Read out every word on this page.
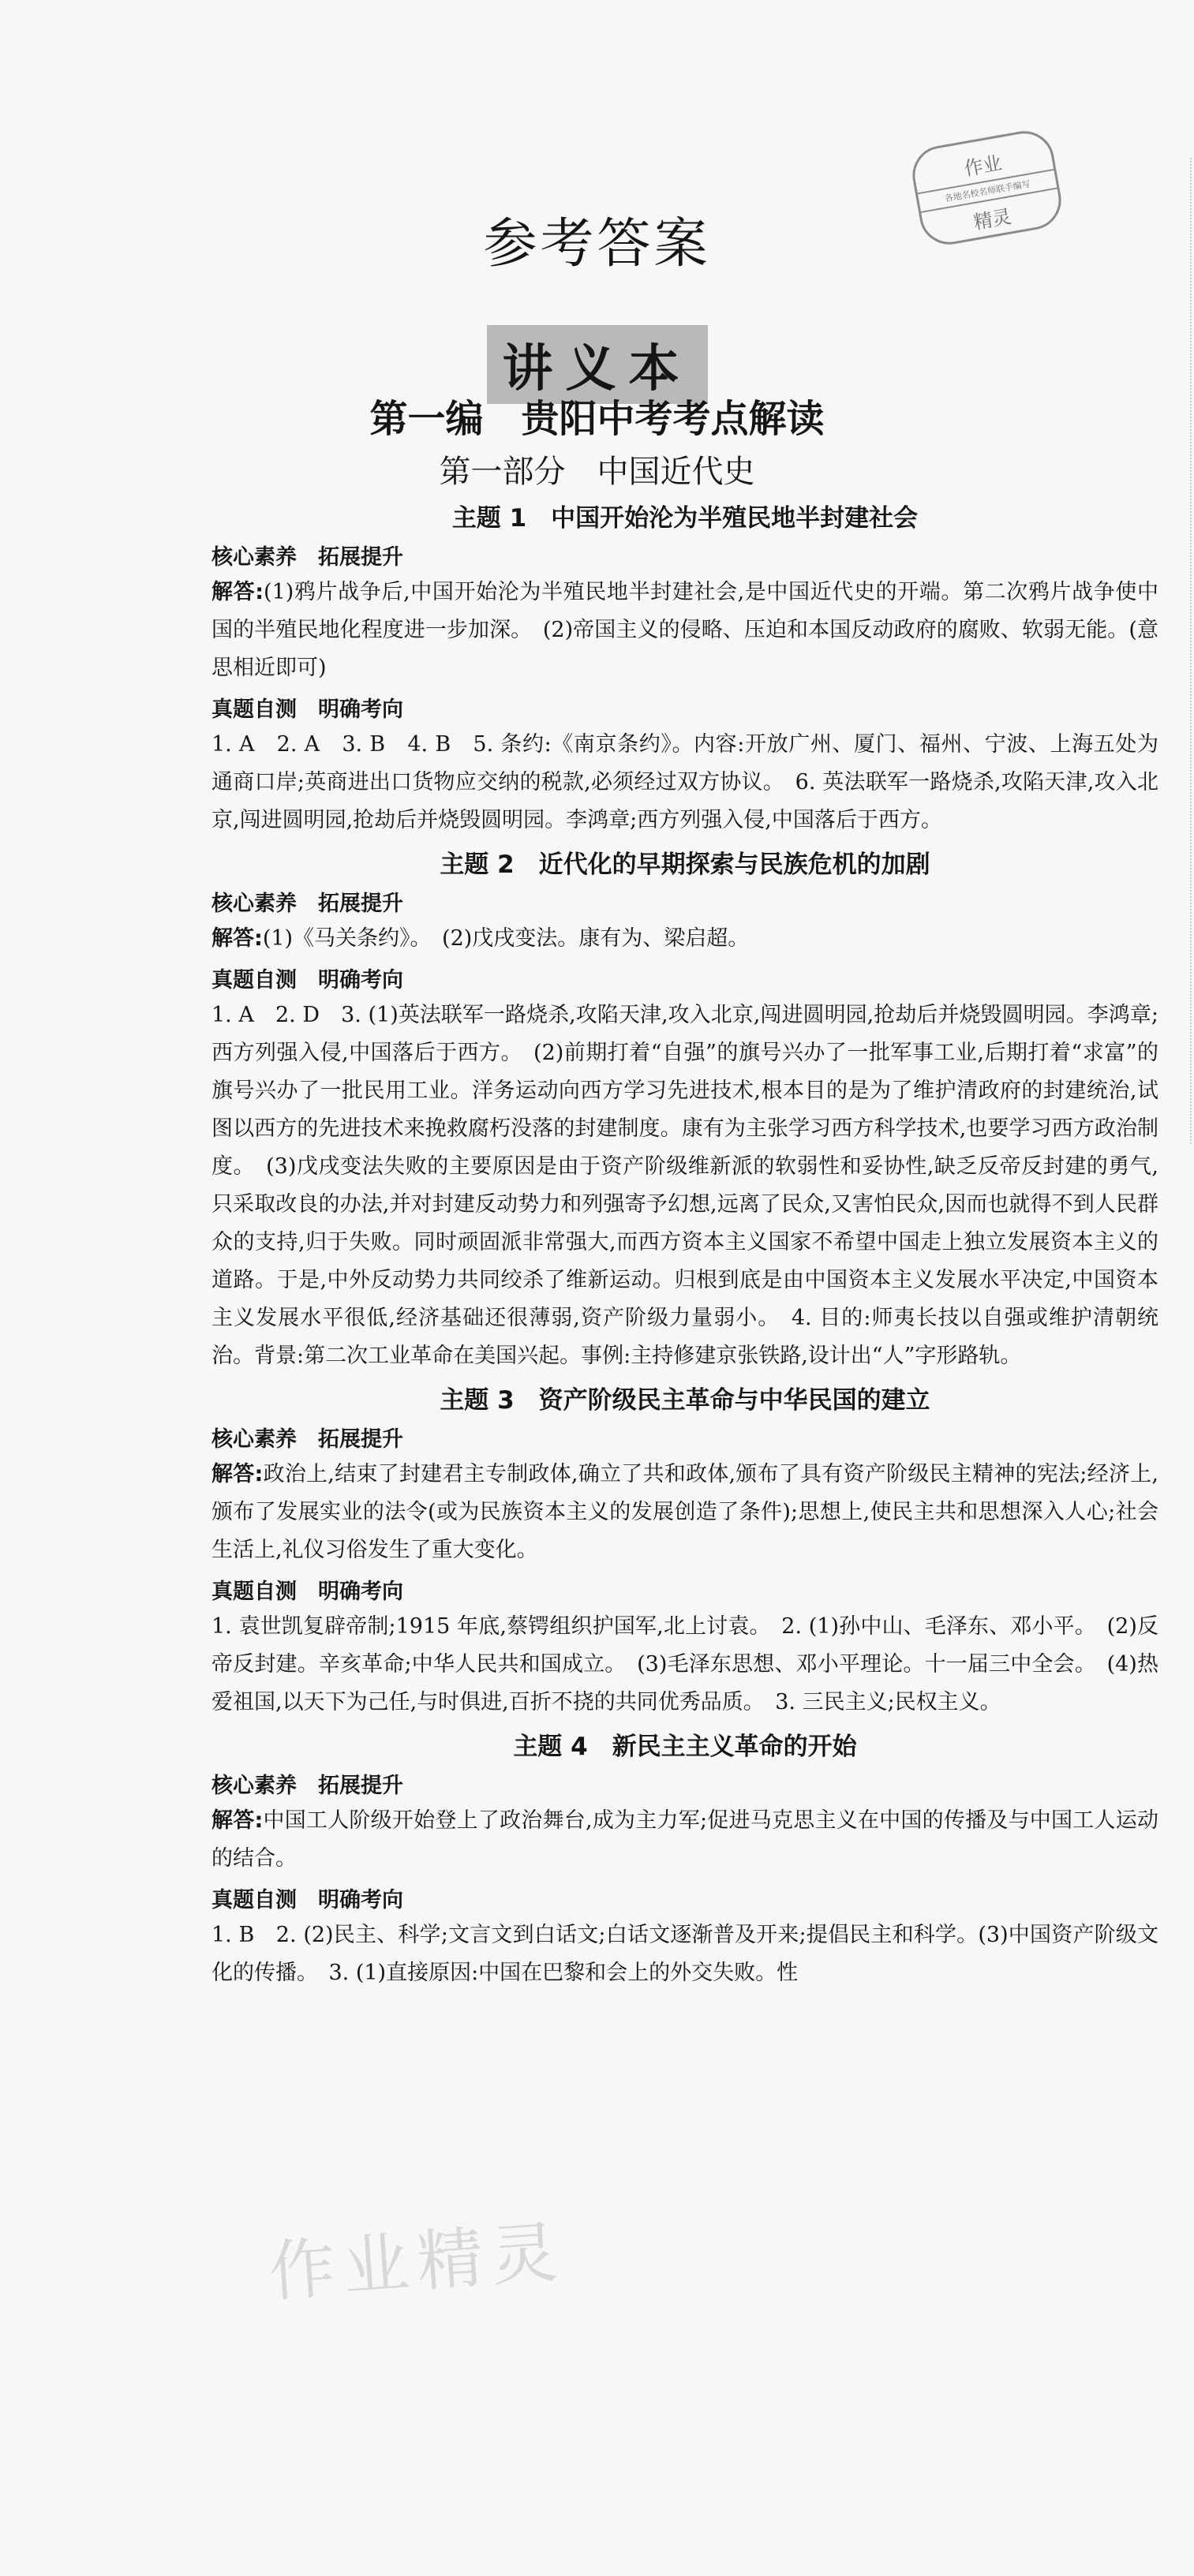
作业
各地名校名师联手编写
精灵
参考答案
讲义本
第一编　贵阳中考考点解读
第一部分　中国近代史
主题 1　中国开始沦为半殖民地半封建社会
核心素养　拓展提升

解答:(1)鸦片战争后,中国开始沦为半殖民地半封建社会,是中国近代史的开端。第二次鸦片战争使中国的半殖民地化程度进一步加深。　(2)帝国主义的侵略、压迫和本国反动政府的腐败、软弱无能。(意思相近即可)

真题自测　明确考向

1. A　2. A　3. B　4. B　5. 条约:《南京条约》。内容:开放广州、厦门、福州、宁波、上海五处为通商口岸;英商进出口货物应交纳的税款,必须经过双方协议。　6. 英法联军一路烧杀,攻陷天津,攻入北京,闯进圆明园,抢劫后并烧毁圆明园。李鸿章;西方列强入侵,中国落后于西方。

主题 2　近代化的早期探索与民族危机的加剧
核心素养　拓展提升

解答:(1)《马关条约》。　(2)戊戌变法。康有为、梁启超。

真题自测　明确考向

1. A　2. D　3. (1)英法联军一路烧杀,攻陷天津,攻入北京,闯进圆明园,抢劫后并烧毁圆明园。李鸿章;西方列强入侵,中国落后于西方。　(2)前期打着“自强”的旗号兴办了一批军事工业,后期打着“求富”的旗号兴办了一批民用工业。洋务运动向西方学习先进技术,根本目的是为了维护清政府的封建统治,试图以西方的先进技术来挽救腐朽没落的封建制度。康有为主张学习西方科学技术,也要学习西方政治制度。　(3)戊戌变法失败的主要原因是由于资产阶级维新派的软弱性和妥协性,缺乏反帝反封建的勇气,只采取改良的办法,并对封建反动势力和列强寄予幻想,远离了民众,又害怕民众,因而也就得不到人民群众的支持,归于失败。同时顽固派非常强大,而西方资本主义国家不希望中国走上独立发展资本主义的道路。于是,中外反动势力共同绞杀了维新运动。归根到底是由中国资本主义发展水平决定,中国资本主义发展水平很低,经济基础还很薄弱,资产阶级力量弱小。　4. 目的:师夷长技以自强或维护清朝统治。背景:第二次工业革命在美国兴起。事例:主持修建京张铁路,设计出“人”字形路轨。

主题 3　资产阶级民主革命与中华民国的建立
核心素养　拓展提升

解答:政治上,结束了封建君主专制政体,确立了共和政体,颁布了具有资产阶级民主精神的宪法;经济上,颁布了发展实业的法令(或为民族资本主义的发展创造了条件);思想上,使民主共和思想深入人心;社会生活上,礼仪习俗发生了重大变化。

真题自测　明确考向

1. 袁世凯复辟帝制;1915 年底,蔡锷组织护国军,北上讨袁。　2. (1)孙中山、毛泽东、邓小平。　(2)反帝反封建。辛亥革命;中华人民共和国成立。　(3)毛泽东思想、邓小平理论。十一届三中全会。　(4)热爱祖国,以天下为己任,与时俱进,百折不挠的共同优秀品质。　3. 三民主义;民权主义。

主题 4　新民主主义革命的开始
核心素养　拓展提升

解答:中国工人阶级开始登上了政治舞台,成为主力军;促进马克思主义在中国的传播及与中国工人运动的结合。

真题自测　明确考向

1. B　2. (2)民主、科学;文言文到白话文;白话文逐渐普及开来;提倡民主和科学。(3)中国资产阶级文化的传播。　3. (1)直接原因:中国在巴黎和会上的外交失败。性

作业精灵
